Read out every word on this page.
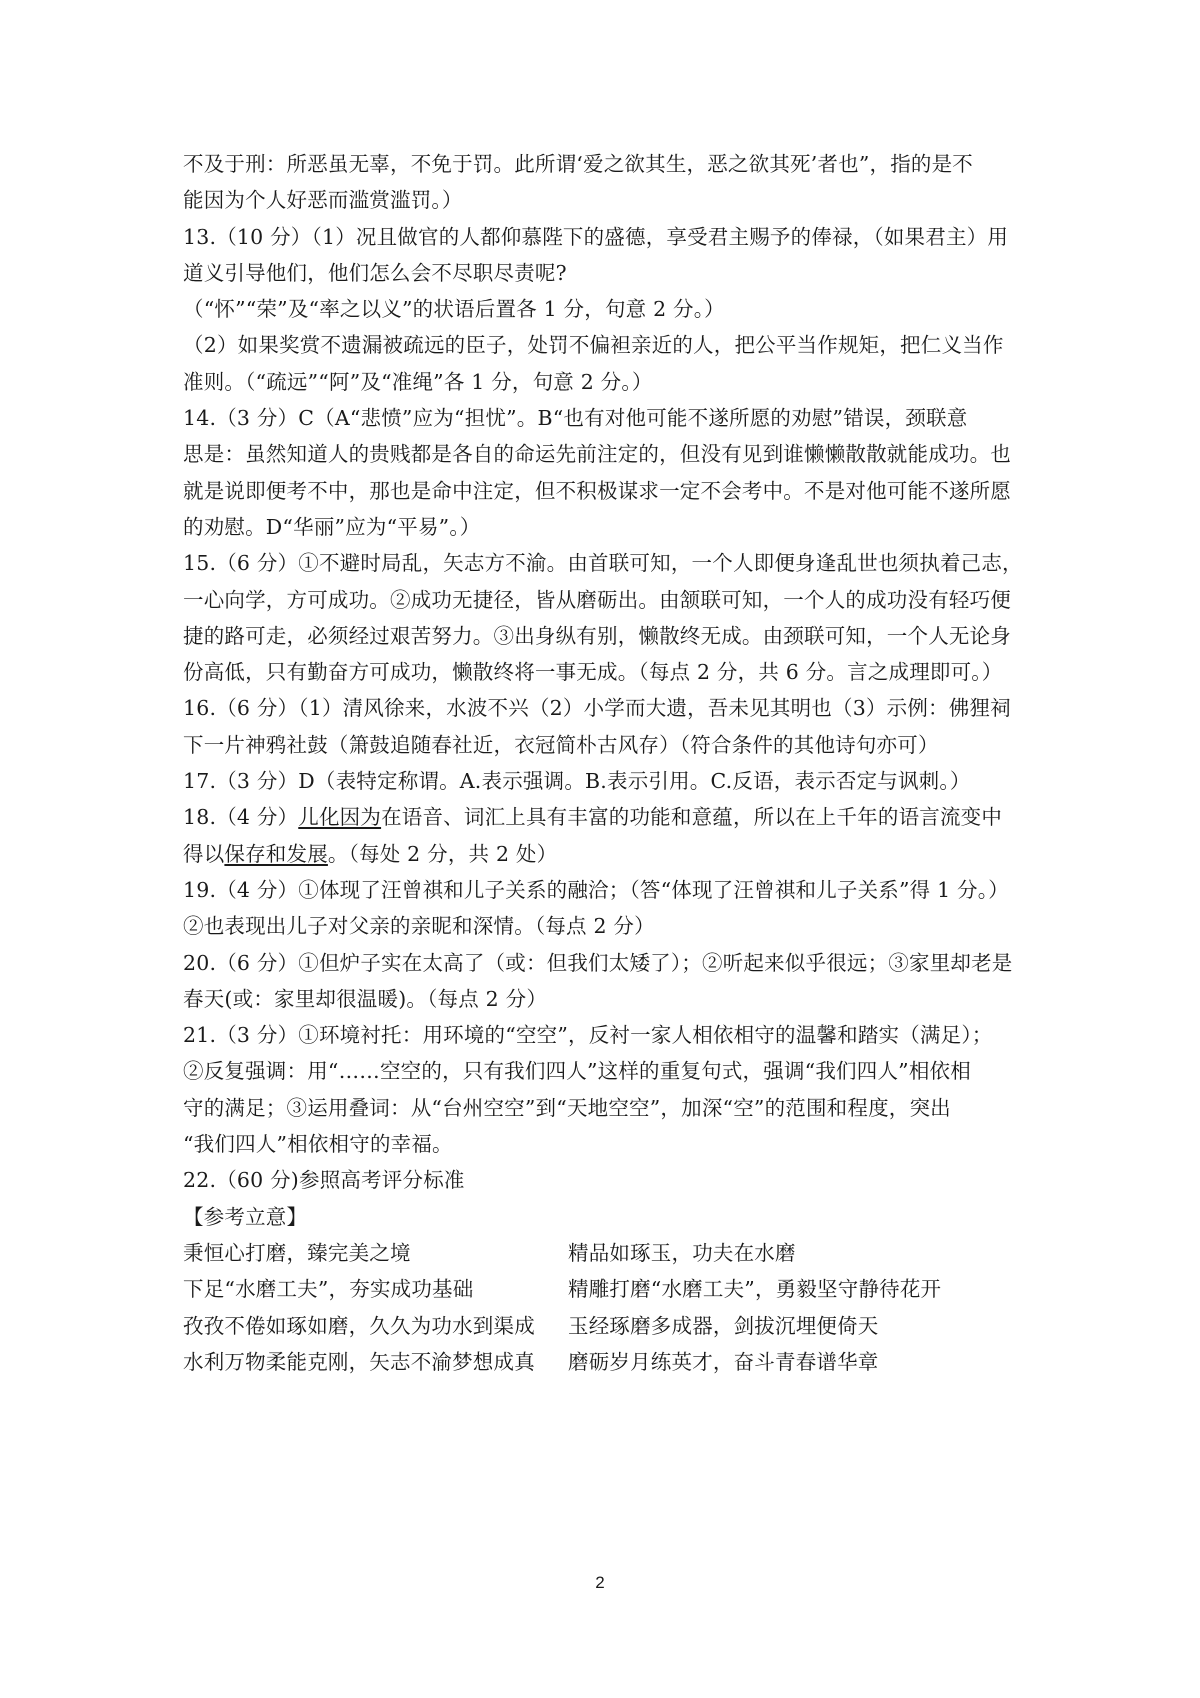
不及于刑：所恶虽无辜，不免于罚。此所谓‘爱之欲其生，恶之欲其死’者也”，指的是不
能因为个人好恶而滥赏滥罚。）
13.（10 分）（1）况且做官的人都仰慕陛下的盛德，享受君主赐予的俸禄，（如果君主）用
道义引导他们，他们怎么会不尽职尽责呢?
（“怀”“荣”及“率之以义”的状语后置各 1 分，句意 2 分。）
（2）如果奖赏不遗漏被疏远的臣子，处罚不偏袒亲近的人，把公平当作规矩，把仁义当作
准则。（“疏远”“阿”及“准绳”各 1 分，句意 2 分。）
14.（3 分）C（A“悲愤”应为“担忧”。B“也有对他可能不遂所愿的劝慰”错误，颈联意
思是：虽然知道人的贵贱都是各自的命运先前注定的，但没有见到谁懒懒散散就能成功。也
就是说即便考不中，那也是命中注定，但不积极谋求一定不会考中。不是对他可能不遂所愿
的劝慰。D“华丽”应为“平易”。）
15.（6 分）①不避时局乱，矢志方不渝。由首联可知，一个人即便身逢乱世也须执着己志，
一心向学，方可成功。②成功无捷径，皆从磨砺出。由颔联可知，一个人的成功没有轻巧便
捷的路可走，必须经过艰苦努力。③出身纵有别，懒散终无成。由颈联可知，一个人无论身
份高低，只有勤奋方可成功，懒散终将一事无成。（每点 2 分，共 6 分。言之成理即可。）
16.（6 分）（1）清风徐来，水波不兴（2）小学而大遗，吾未见其明也（3）示例：佛狸祠
下一片神鸦社鼓（箫鼓追随春社近，衣冠简朴古风存）（符合条件的其他诗句亦可）
17.（3 分）D（表特定称谓。A.表示强调。B.表示引用。C.反语，表示否定与讽刺。）
18.（4 分）儿化因为在语音、词汇上具有丰富的功能和意蕴，所以在上千年的语言流变中
得以保存和发展。（每处 2 分，共 2 处）
19.（4 分）①体现了汪曾祺和儿子关系的融洽；（答“体现了汪曾祺和儿子关系”得 1 分。）
②也表现出儿子对父亲的亲昵和深情。（每点 2 分）
20.（6 分）①但炉子实在太高了（或：但我们太矮了）；②听起来似乎很远；③家里却老是
春天(或：家里却很温暖)。（每点 2 分）
21.（3 分）①环境衬托：用环境的“空空”，反衬一家人相依相守的温馨和踏实（满足）；
②反复强调：用“……空空的，只有我们四人”这样的重复句式，强调“我们四人”相依相
守的满足；③运用叠词：从“台州空空”到“天地空空”，加深“空”的范围和程度，突出
“我们四人”相依相守的幸福。
22.（60 分)参照高考评分标准
【参考立意】
秉恒心打磨，臻完美之境	精品如琢玉，功夫在水磨
下足“水磨工夫”，夯实成功基础	精雕打磨“水磨工夫”，勇毅坚守静待花开
孜孜不倦如琢如磨，久久为功水到渠成	玉经琢磨多成器，剑拔沉埋便倚天
水利万物柔能克刚，矢志不渝梦想成真	磨砺岁月练英才，奋斗青春谱华章
2
